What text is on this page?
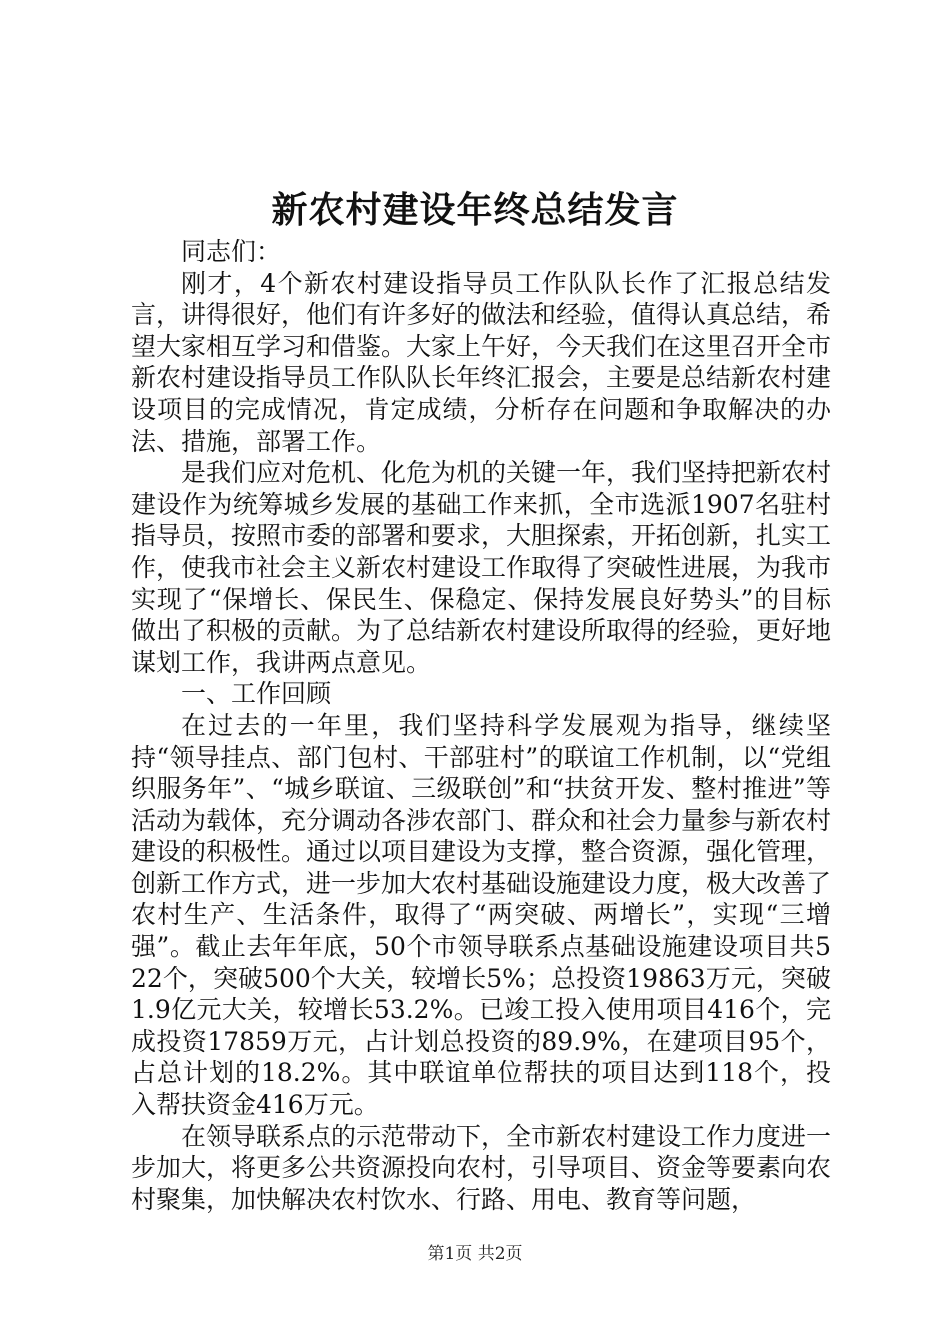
新农村建设年终总结发言

同志们：

刚才，4个新农村建设指导员工作队队长作了汇报总结发言，讲得很好，他们有许多好的做法和经验，值得认真总结，希望大家相互学习和借鉴。大家上午好，今天我们在这里召开全市新农村建设指导员工作队队长年终汇报会，主要是总结新农村建设项目的完成情况，肯定成绩，分析存在问题和争取解决的办法、措施，部署工作。

是我们应对危机、化危为机的关键一年，我们坚持把新农村建设作为统筹城乡发展的基础工作来抓，全市选派1907名驻村指导员，按照市委的部署和要求，大胆探索，开拓创新，扎实工作，使我市社会主义新农村建设工作取得了突破性进展，为我市实现了“保增长、保民生、保稳定、保持发展良好势头”的目标做出了积极的贡献。为了总结新农村建设所取得的经验，更好地谋划工作，我讲两点意见。

一、工作回顾

在过去的一年里，我们坚持科学发展观为指导，继续坚持“领导挂点、部门包村、干部驻村”的联谊工作机制，以“党组织服务年”、“城乡联谊、三级联创”和“扶贫开发、整村推进”等活动为载体，充分调动各涉农部门、群众和社会力量参与新农村建设的积极性。通过以项目建设为支撑，整合资源，强化管理，创新工作方式，进一步加大农村基础设施建设力度，极大改善了农村生产、生活条件，取得了“两突破、两增长”，实现“三增强”。截止去年年底，50个市领导联系点基础设施建设项目共522个，突破500个大关，较增长5%；总投资19863万元，突破1.9亿元大关，较增长53.2%。已竣工投入使用项目416个，完成投资17859万元，占计划总投资的89.9%，在建项目95个，占总计划的18.2%。其中联谊单位帮扶的项目达到118个，投入帮扶资金416万元。

在领导联系点的示范带动下，全市新农村建设工作力度进一步加大，将更多公共资源投向农村，引导项目、资金等要素向农村聚集，加快解决农村饮水、行路、用电、教育等问题，

第1页 共2页
